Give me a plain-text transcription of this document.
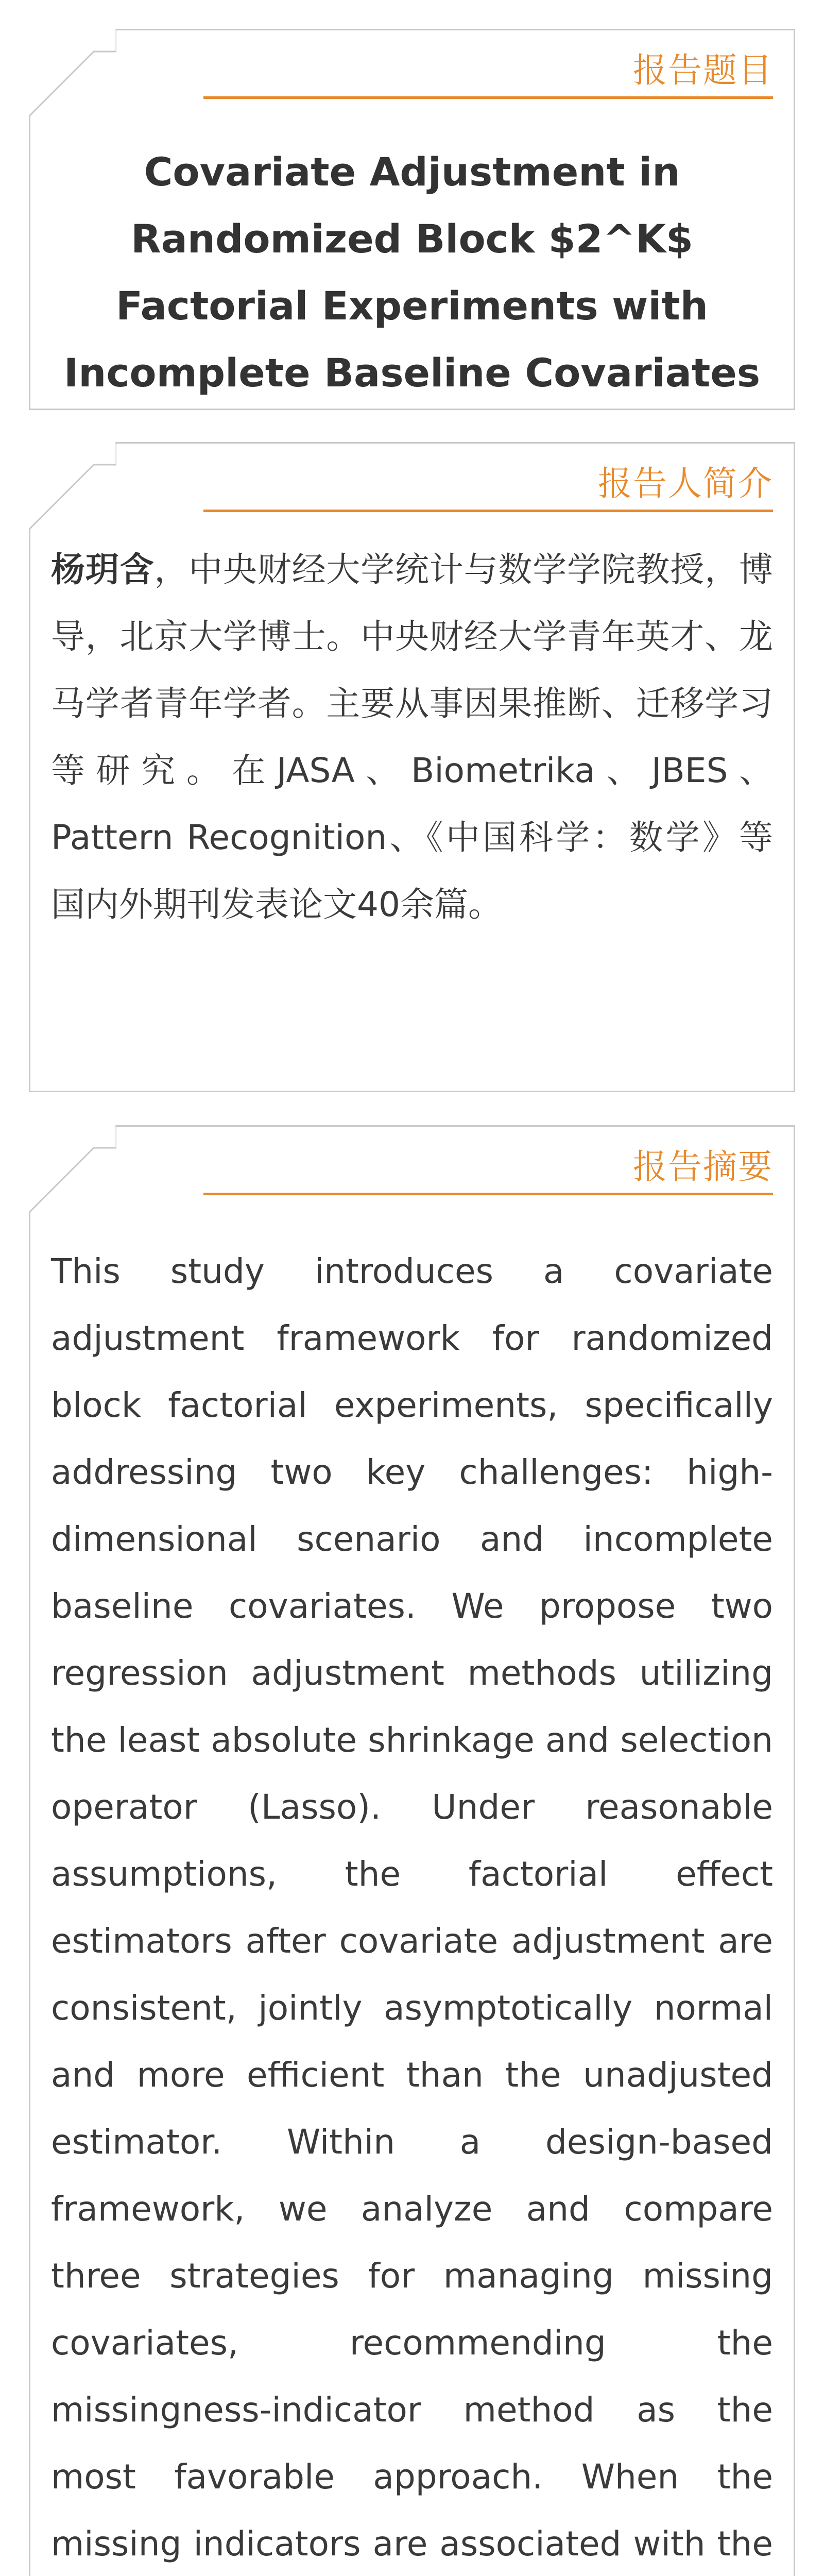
报告题目
Covariate Adjustment in Randomized Block $2^K$ Factorial Experiments with Incomplete Baseline Covariates
报告人简介
杨玥含，中央财经大学统计与数学学院教授，博导，北京大学博士。中央财经大学青年英才、龙马学者青年学者。主要从事因果推断、迁移学习等研究。在JASA、Biometrika、JBES、Pattern Recognition、《中国科学：数学》等国内外期刊发表论文40余篇。
报告摘要
This study introduces a covariate adjustment framework for randomized block factorial experiments, specifically addressing two key challenges: high-dimensional scenario and incomplete baseline covariates. We propose two regression adjustment methods utilizing the least absolute shrinkage and selection operator (Lasso). Under reasonable assumptions, the factorial effect estimators after covariate adjustment are consistent, jointly asymptotically normal and more efficient than the unadjusted estimator. Within a design-based framework, we analyze and compare three strategies for managing missing covariates, recommending the missingness-indicator method as the most favorable approach. When the missing indicators are associated with the
